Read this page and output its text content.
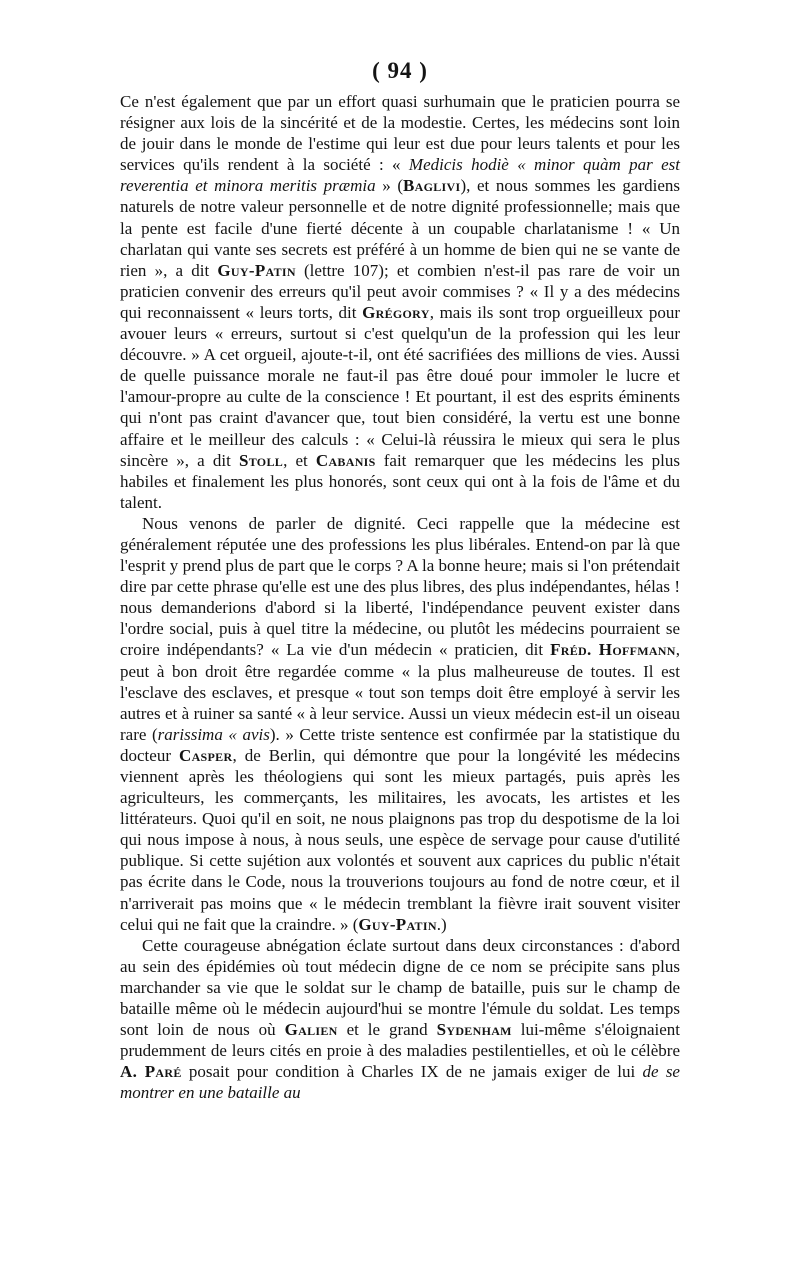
( 94 )

Ce n'est également que par un effort quasi surhumain que le praticien pourra se résigner aux lois de la sincérité et de la modestie. Certes, les médecins sont loin de jouir dans le monde de l'estime qui leur est due pour leurs talents et pour les services qu'ils rendent à la société : « Medicis hodiè « minor quàm par est reverentia et minora meritis præmia » (Baglivi), et nous sommes les gardiens naturels de notre valeur personnelle et de notre dignité professionnelle; mais que la pente est facile d'une fierté décente à un coupable charlatanisme ! « Un charlatan qui vante ses secrets est préféré à un homme de bien qui ne se vante de rien », a dit Guy-Patin (lettre 107); et combien n'est-il pas rare de voir un praticien convenir des erreurs qu'il peut avoir commises ? « Il y a des médecins qui reconnaissent « leurs torts, dit Grégory, mais ils sont trop orgueilleux pour avouer leurs « erreurs, surtout si c'est quelqu'un de la profession qui les leur découvre. » A cet orgueil, ajoute-t-il, ont été sacrifiées des millions de vies. Aussi de quelle puissance morale ne faut-il pas être doué pour immoler le lucre et l'amour-propre au culte de la conscience ! Et pourtant, il est des esprits éminents qui n'ont pas craint d'avancer que, tout bien considéré, la vertu est une bonne affaire et le meilleur des calculs : « Celui-là réussira le mieux qui sera le plus sincère », a dit Stoll, et Cabanis fait remarquer que les médecins les plus habiles et finalement les plus honorés, sont ceux qui ont à la fois de l'âme et du talent.

Nous venons de parler de dignité. Ceci rappelle que la médecine est généralement réputée une des professions les plus libérales. Entend-on par là que l'esprit y prend plus de part que le corps ? A la bonne heure; mais si l'on prétendait dire par cette phrase qu'elle est une des plus libres, des plus indépendantes, hélas ! nous demanderions d'abord si la liberté, l'indépendance peuvent exister dans l'ordre social, puis à quel titre la médecine, ou plutôt les médecins pourraient se croire indépendants? « La vie d'un médecin « praticien, dit Fréd. Hoffmann, peut à bon droit être regardée comme « la plus malheureuse de toutes. Il est l'esclave des esclaves, et presque « tout son temps doit être employé à servir les autres et à ruiner sa santé « à leur service. Aussi un vieux médecin est-il un oiseau rare (rarissima « avis). » Cette triste sentence est confirmée par la statistique du docteur Casper, de Berlin, qui démontre que pour la longévité les médecins viennent après les théologiens qui sont les mieux partagés, puis après les agriculteurs, les commerçants, les militaires, les avocats, les artistes et les littérateurs. Quoi qu'il en soit, ne nous plaignons pas trop du despotisme de la loi qui nous impose à nous, à nous seuls, une espèce de servage pour cause d'utilité publique. Si cette sujétion aux volontés et souvent aux caprices du public n'était pas écrite dans le Code, nous la trouverions toujours au fond de notre cœur, et il n'arriverait pas moins que « le médecin tremblant la fièvre irait souvent visiter celui qui ne fait que la craindre. » (Guy-Patin.)

Cette courageuse abnégation éclate surtout dans deux circonstances : d'abord au sein des épidémies où tout médecin digne de ce nom se précipite sans plus marchander sa vie que le soldat sur le champ de bataille, puis sur le champ de bataille même où le médecin aujourd'hui se montre l'émule du soldat. Les temps sont loin de nous où Galien et le grand Sydenham lui-même s'éloignaient prudemment de leurs cités en proie à des maladies pestilentielles, et où le célèbre A. Paré posait pour condition à Charles IX de ne jamais exiger de lui de se montrer en une bataille au
